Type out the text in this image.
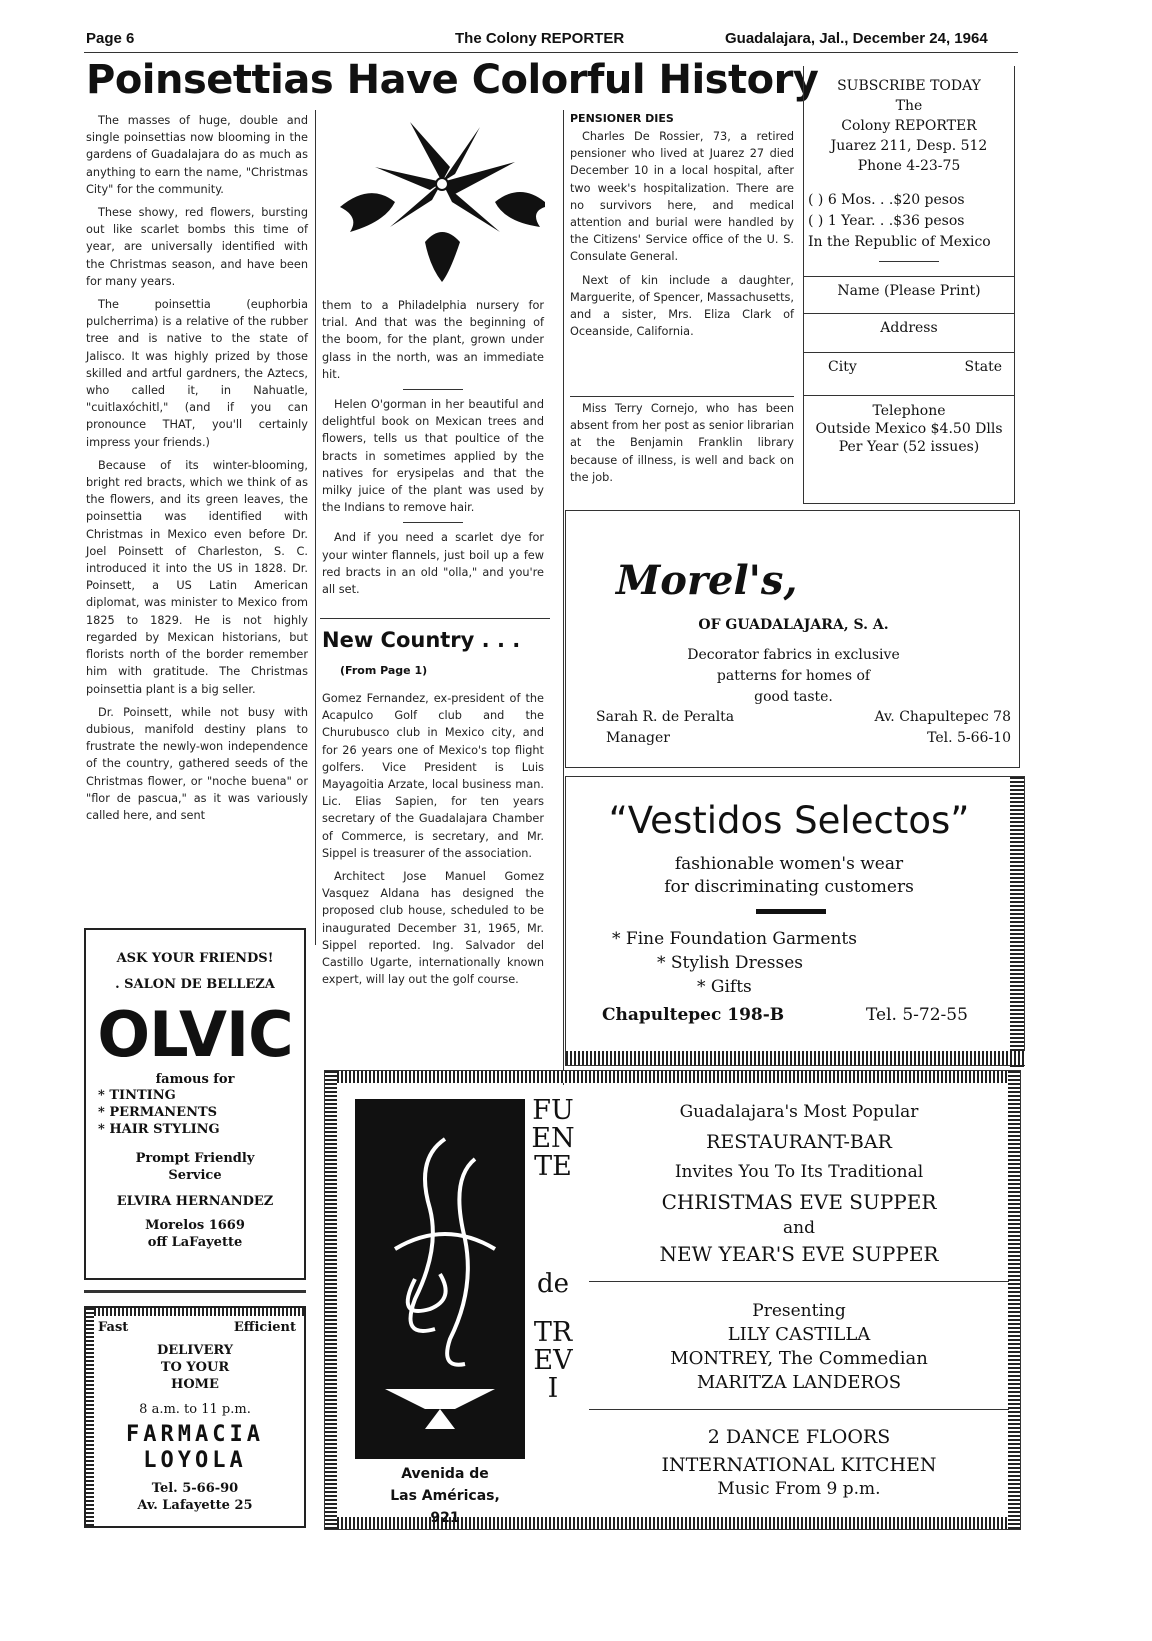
Page 6	The Colony REPORTER	Guadalajara, Jal., December 24, 1964
Poinsettias Have Colorful History

The masses of huge, double and single poinsettias now blooming in the gardens of Guadalajara do as much as anything to earn the name, "Christmas City" for the community.

These showy, red flowers, bursting out like scarlet bombs this time of year, are universally identified with the Christmas season, and have been for many years.

The poinsettia (euphorbia pulcherrima) is a relative of the rubber tree and is native to the state of Jalisco. It was highly prized by those skilled and artful gardners, the Aztecs, who called it, in Nahuatle, "cuitlaxóchitl," (and if you can pronounce THAT, you'll certainly impress your friends.)

Because of its winter-blooming, bright red bracts, which we think of as the flowers, and its green leaves, the poinsettia was identified with Christmas in Mexico even before Dr. Joel Poinsett of Charleston, S. C. introduced it into the US in 1828. Dr. Poinsett, a US Latin American diplomat, was minister to Mexico from 1825 to 1829. He is not highly regarded by Mexican historians, but florists north of the border remember him with gratitude. The Christmas poinsettia plant is a big seller.

Dr. Poinsett, while not busy with dubious, manifold destiny plans to frustrate the newly-won independence of the country, gathered seeds of the Christmas flower, or "noche buena" or "flor de pascua," as it was variously called here, and sent

them to a Philadelphia nursery for trial. And that was the beginning of the boom, for the plant, grown under glass in the north, was an immediate hit.

Helen O'gorman in her beautiful and delightful book on Mexican trees and flowers, tells us that poultice of the bracts in sometimes applied by the natives for erysipelas and that the milky juice of the plant was used by the Indians to remove hair.

And if you need a scarlet dye for your winter flannels, just boil up a few red bracts in an old "olla," and you're all set.

New Country . . .
(From Page 1)

Gomez Fernandez, ex-president of the Acapulco Golf club and the Churubusco club in Mexico city, and for 26 years one of Mexico's top flight golfers. Vice President is Luis Mayagoitia Arzate, local business man. Lic. Elias Sapien, for ten years secretary of the Guadalajara Chamber of Commerce, is secretary, and Mr. Sippel is treasurer of the association.

Architect Jose Manuel Gomez Vasquez Aldana has designed the proposed club house, scheduled to be inaugurated December 31, 1965, Mr. Sippel reported. Ing. Salvador del Castillo Ugarte, internationally known expert, will lay out the golf course.

PENSIONER DIES

Charles De Rossier, 73, a retired pensioner who lived at Juarez 27 died December 10 in a local hospital, after two week's hospitalization. There are no survivors here, and medical attention and burial were handled by the Citizens' Service office of the U. S. Consulate General.

Next of kin include a daughter, Marguerite, of Spencer, Massachusetts, and a sister, Mrs. Eliza Clark of Oceanside, California.

Miss Terry Cornejo, who has been absent from her post as senior librarian at the Benjamin Franklin library because of illness, is well and back on the job.

SUBSCRIBE TODAY
The
Colony REPORTER
Juarez 211, Desp. 512
Phone 4-23-75
( ) 6 Mos. . .$20 pesos
( ) 1 Year. . .$36 pesos
In the Republic of Mexico
Name (Please Print)
Address
City	State
Telephone
Outside Mexico $4.50 Dlls
Per Year (52 issues)
Morel's,
OF GUADALAJARA, S. A.
Decorator fabrics in exclusive
patterns for homes of
good taste.
Sarah R. de Peralta
Manager
Av. Chapultepec 78
Tel. 5-66-10
“Vestidos Selectos”
fashionable women's wear
for discriminating customers
* Fine Foundation Garments
* Stylish Dresses
* Gifts
Chapultepec 198-B	Tel. 5-72-55
ASK YOUR FRIENDS!
. SALON DE BELLEZA
OLVIC
famous for
* TINTING
* PERMANENTS
* HAIR STYLING
Prompt Friendly
Service
ELVIRA HERNANDEZ
Morelos 1669
off LaFayette
Fast	Efficient
DELIVERY
TO YOUR
HOME
8 a.m. to 11 p.m.
FARMACIA
LOYOLA
Tel. 5-66-90
Av. Lafayette 25
Avenida de
Las Américas, 921
FUENTE
de
TREVI
Guadalajara's Most Popular
RESTAURANT-BAR
Invites You To Its Traditional
CHRISTMAS EVE SUPPER
and
NEW YEAR'S EVE SUPPER
Presenting
LILY CASTILLA
MONTREY, The Commedian
MARITZA LANDEROS
2 DANCE FLOORS
INTERNATIONAL KITCHEN
Music From 9 p.m.
